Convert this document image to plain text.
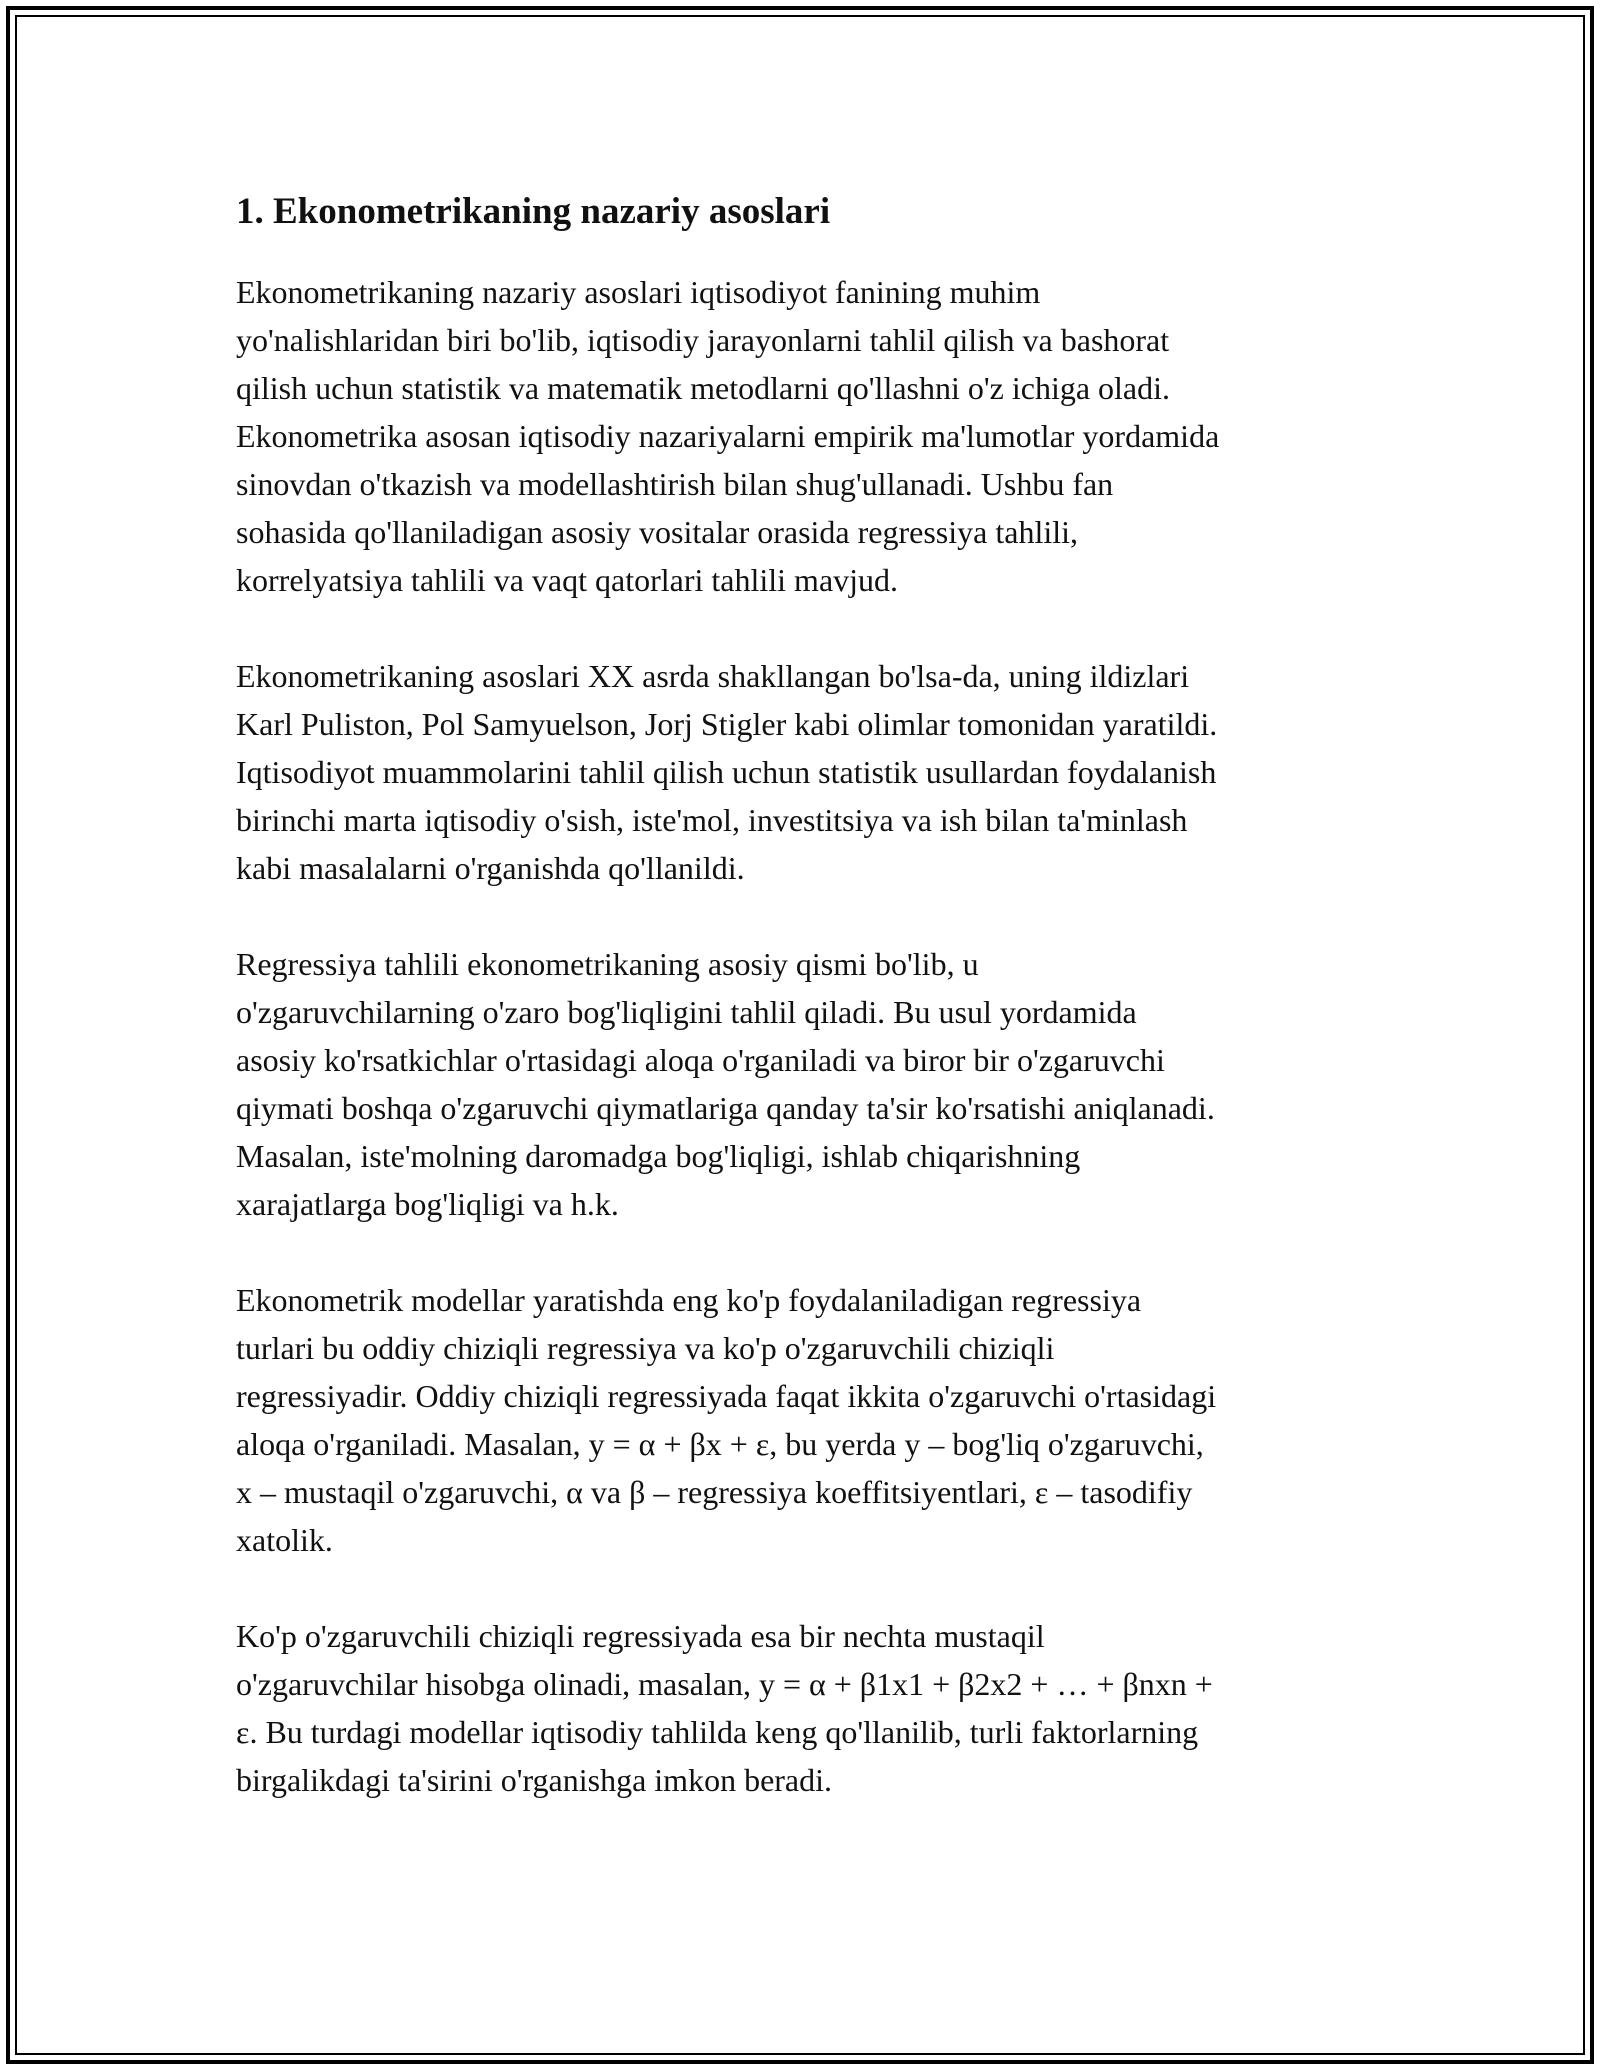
1. Ekonometrikaning nazariy asoslari

Ekonometrikaning nazariy asoslari iqtisodiyot fanining muhim
yo'nalishlaridan biri bo'lib, iqtisodiy jarayonlarni tahlil qilish va bashorat
qilish uchun statistik va matematik metodlarni qo'llashni o'z ichiga oladi.
Ekonometrika asosan iqtisodiy nazariyalarni empirik ma'lumotlar yordamida
sinovdan o'tkazish va modellashtirish bilan shug'ullanadi. Ushbu fan
sohasida qo'llaniladigan asosiy vositalar orasida regressiya tahlili,
korrelyatsiya tahlili va vaqt qatorlari tahlili mavjud.

Ekonometrikaning asoslari XX asrda shakllangan bo'lsa-da, uning ildizlari
Karl Puliston, Pol Samyuelson, Jorj Stigler kabi olimlar tomonidan yaratildi.
Iqtisodiyot muammolarini tahlil qilish uchun statistik usullardan foydalanish
birinchi marta iqtisodiy o'sish, iste'mol, investitsiya va ish bilan ta'minlash
kabi masalalarni o'rganishda qo'llanildi.

Regressiya tahlili ekonometrikaning asosiy qismi bo'lib, u
o'zgaruvchilarning o'zaro bog'liqligini tahlil qiladi. Bu usul yordamida
asosiy ko'rsatkichlar o'rtasidagi aloqa o'rganiladi va biror bir o'zgaruvchi
qiymati boshqa o'zgaruvchi qiymatlariga qanday ta'sir ko'rsatishi aniqlanadi.
Masalan, iste'molning daromadga bog'liqligi, ishlab chiqarishning
xarajatlarga bog'liqligi va h.k.

Ekonometrik modellar yaratishda eng ko'p foydalaniladigan regressiya
turlari bu oddiy chiziqli regressiya va ko'p o'zgaruvchili chiziqli
regressiyadir. Oddiy chiziqli regressiyada faqat ikkita o'zgaruvchi o'rtasidagi
aloqa o'rganiladi. Masalan, y = α + βx + ε, bu yerda y – bog'liq o'zgaruvchi,
x – mustaqil o'zgaruvchi, α va β – regressiya koeffitsiyentlari, ε – tasodifiy
xatolik.

Ko'p o'zgaruvchili chiziqli regressiyada esa bir nechta mustaqil
o'zgaruvchilar hisobga olinadi, masalan, y = α + β1x1 + β2x2 + … + βnxn +
ε. Bu turdagi modellar iqtisodiy tahlilda keng qo'llanilib, turli faktorlarning
birgalikdagi ta'sirini o'rganishga imkon beradi.
